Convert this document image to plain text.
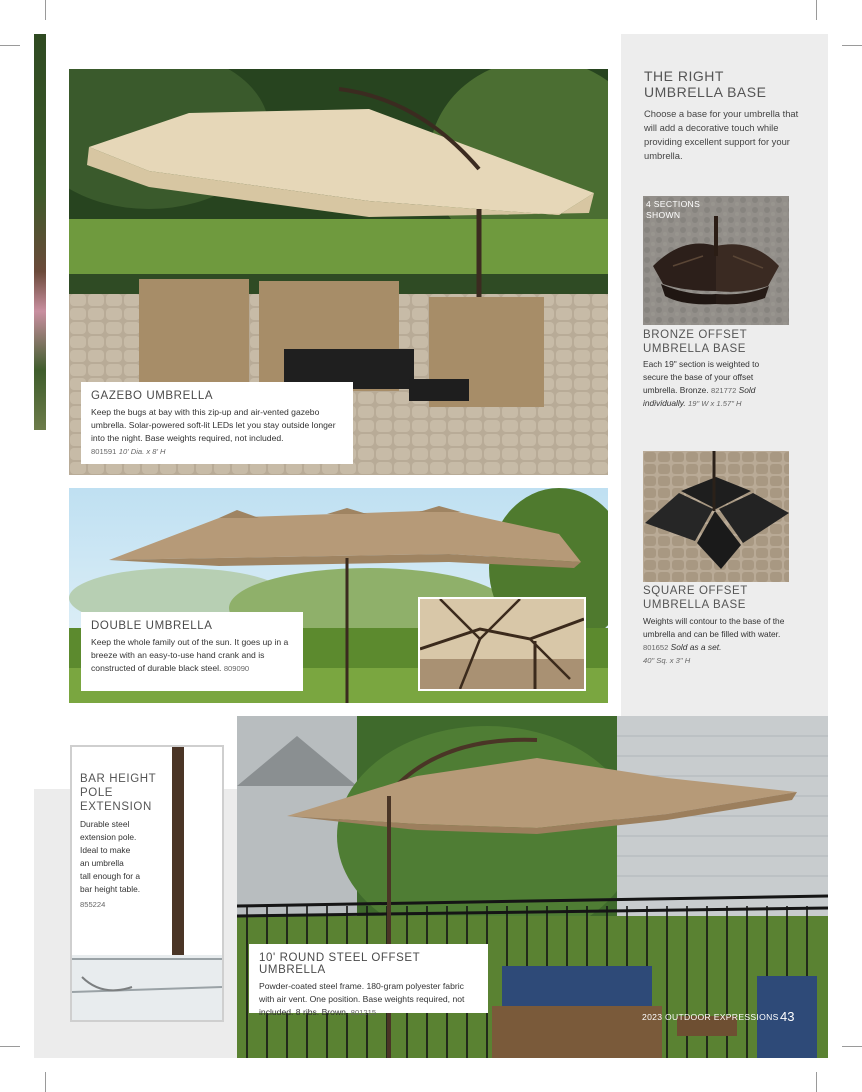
THE RIGHT
UMBRELLA BASE
Choose a base for your umbrella that will add a decorative touch while providing excellent support for your umbrella.
4 SECTIONS
SHOWN
BRONZE OFFSET
UMBRELLA BASE
Each 19" section is weighted to secure the base of your offset umbrella. Bronze. 821772 Sold individually. 19" W x 1.57" H
SQUARE OFFSET
UMBRELLA BASE
Weights will contour to the base of the umbrella and can be filled with water. 801652 Sold as a set.
40" Sq. x 3" H

GAZEBO UMBRELLA

Keep the bugs at bay with this zip-up and air-vented gazebo umbrella. Solar-powered soft-lit LEDs let you stay outside longer into the night. Base weights required, not included.
801591 10' Dia. x 8' H

DOUBLE UMBRELLA

Keep the whole family out of the sun. It goes up in a breeze with an easy-to-use hand crank and is constructed of durable black steel. 809090

BAR HEIGHT
POLE
EXTENSION
Durable steel
extension pole.
Ideal to make
an umbrella
tall enough for a
bar height table.
855224

10' ROUND STEEL OFFSET UMBRELLA

Powder-coated steel frame. 180-gram polyester fabric with air vent. One position. Base weights required, not included. 8 ribs. Brown. 801215	2023 OUTDOOR EXPRESSIONS 43
